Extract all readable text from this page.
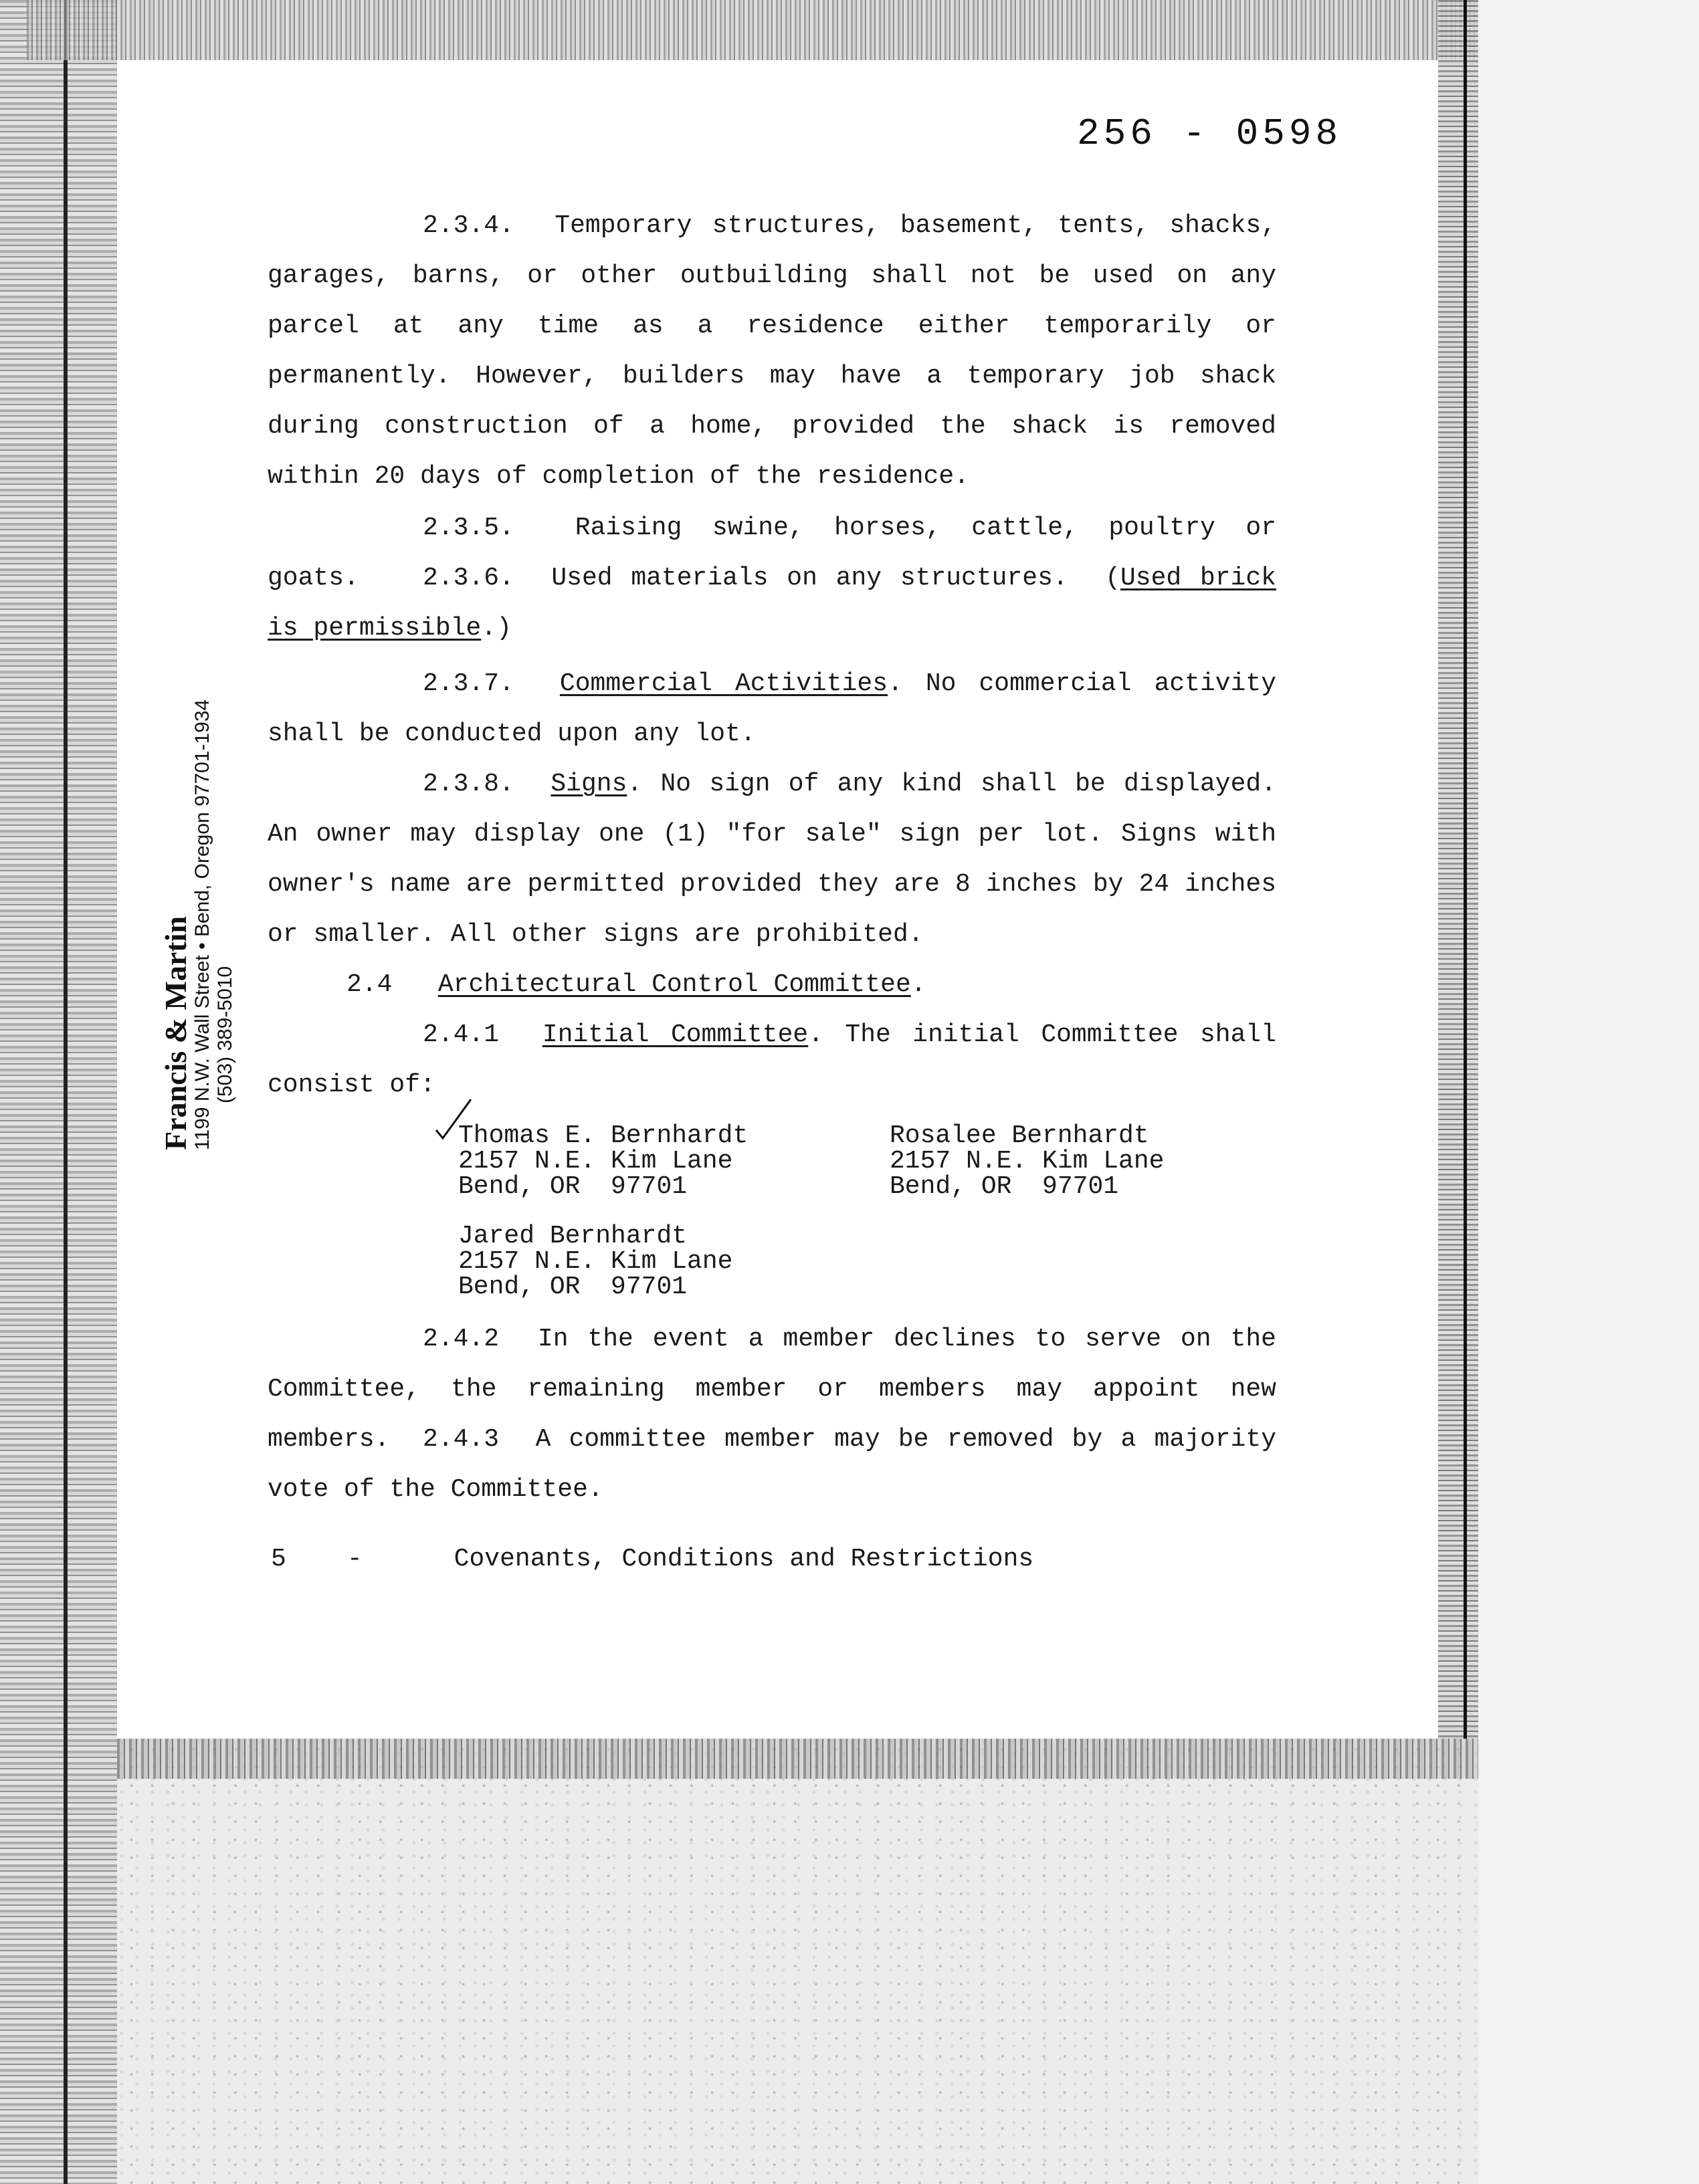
256 - 0598

2.3.4. Temporary structures, basement, tents, shacks, garages, barns, or other outbuilding shall not be used on any parcel at any time as a residence either temporarily or permanently. However, builders may have a temporary job shack during construction of a home, provided the shack is removed within 20 days of completion of the residence.

2.3.5. Raising swine, horses, cattle, poultry or goats.	2.3.6. Used materials on any structures. (Used brick is permissible.)

2.3.7. Commercial Activities. No commercial activity shall be conducted upon any lot.

2.3.8. Signs. No sign of any kind shall be displayed. An owner may display one (1) "for sale" sign per lot. Signs with owner's name are permitted provided they are 8 inches by 24 inches or smaller. All other signs are prohibited.

2.4 Architectural Control Committee.

2.4.1 Initial Committee. The initial Committee shall consist of:

Thomas E. Bernhardt
2157 N.E. Kim Lane
Bend, OR  97701
Rosalee Bernhardt
2157 N.E. Kim Lane
Bend, OR  97701
Jared Bernhardt
2157 N.E. Kim Lane
Bend, OR  97701

2.4.2 In the event a member declines to serve on the Committee, the remaining member or members may appoint new members.	2.4.3 A committee member may be removed by a majority vote of the Committee.

5 -	Covenants, Conditions and Restrictions
Francis & Martin
1199 N.W. Wall Street • Bend, Oregon 97701-1934 (503) 389-5010
